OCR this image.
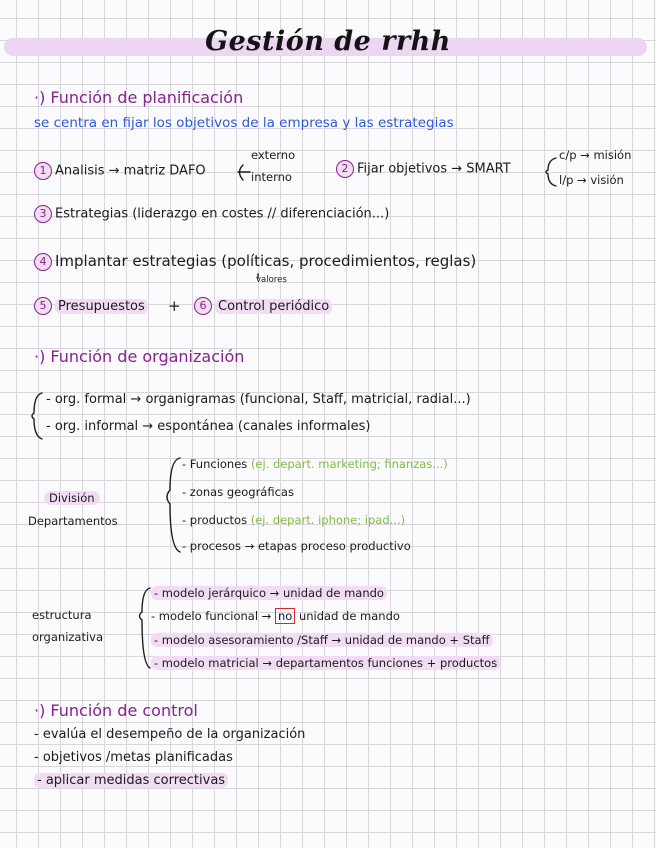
Gestión de rrhh
·) Función de planificación
se centra en fijar los objetivos de la empresa y las estrategias
1 Analisis → matriz DAFO
externo
interno
2 Fijar objetivos → SMART
c/p → misión
l/p → visión
3 Estrategias (liderazgo en costes // diferenciación...)
4 Implantar estrategias (políticas, procedimientos, reglas)
valores
5 Presupuestos +	6 Control periódico
·) Función de organización
- org. formal → organigramas (funcional, Staff, matricial, radial...)
- org. informal → espontánea (canales informales)
División
Departamentos
- Funciones (ej. depart. marketing; finanzas...)
- zonas geográficas
- productos (ej. depart. iphone; ipad...)
- procesos → etapas proceso productivo
estructura
organizativa
- modelo jerárquico → unidad de mando
- modelo funcional → no unidad de mando
- modelo asesoramiento /Staff → unidad de mando + Staff
- modelo matricial → departamentos funciones + productos
·) Función de control
- evalúa el desempeño de la organización
- objetivos /metas planificadas
- aplicar medidas correctivas
